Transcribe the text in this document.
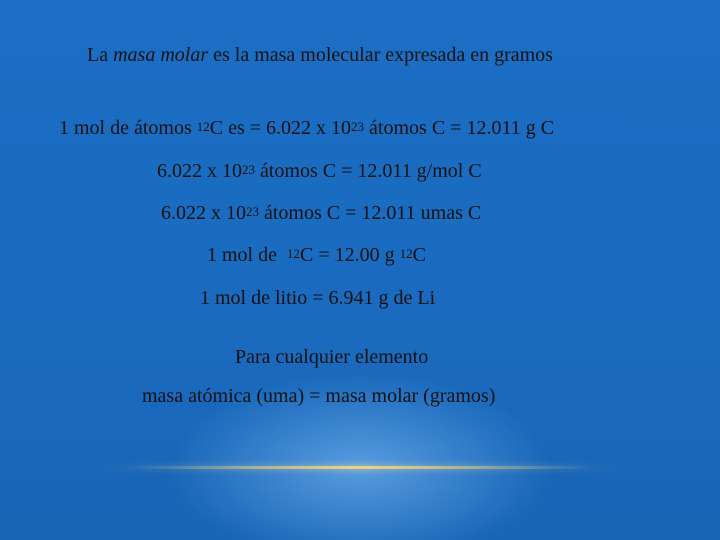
La masa molar es la masa molecular expresada en gramos
1 mol de átomos $^{12}$C es = 6.022 x $10^{23}$ átomos C = 12.011 g C
6.022 x $10^{23}$ átomos C = 12.011 g/mol C
6.022 x $10^{23}$ átomos C = 12.011 umas C
1 mol de  $^{12}$C = 12.00 g $^{12}$C
1 mol de litio = 6.941 g de Li
Para cualquier elemento
masa atómica (uma) = masa molar (gramos)
